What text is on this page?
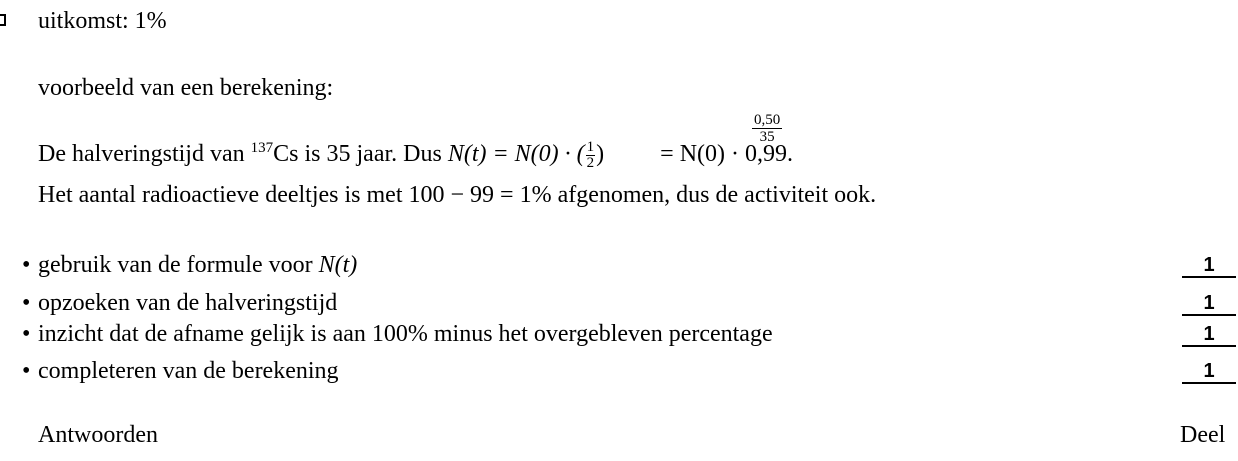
uitkomst: 1%
voorbeeld van een berekening:
$\frac{0,50}{35}$
De halveringstijd van $^{137}$Cs is 35 jaar. Dus N(t) = N(0) · ( $\frac{1}{2}$ ) = N(0) · 0,99.
Het aantal radioactieve deeltjes is met 100 − 99 = 1% afgenomen, dus de activiteit ook.
• gebruik van de formule voor N(t)	1
• opzoeken van de halveringstijd	1
• inzicht dat de afname gelijk is aan 100% minus het overgebleven percentage	1
• completeren van de berekening	1
Antwoorden	Deel
